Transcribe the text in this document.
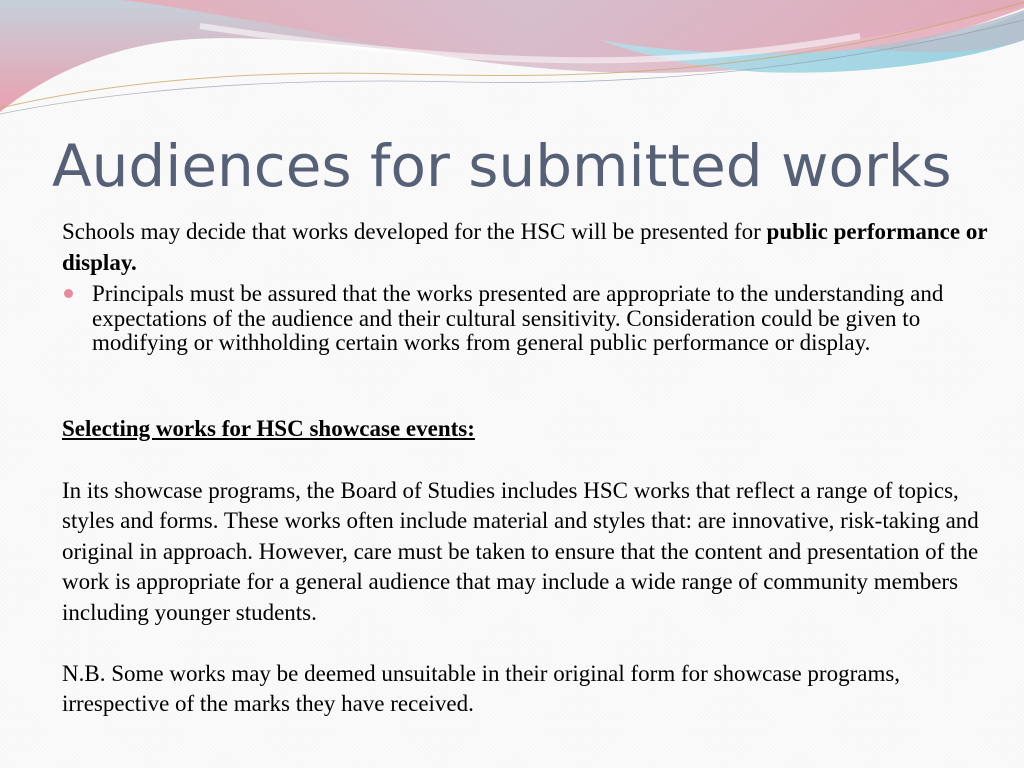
Audiences for submitted works

Schools may decide that works developed for the HSC will be presented for public performance or display.

Principals must be assured that the works presented are appropriate to the understanding and expectations of the audience and their cultural sensitivity. Consideration could be given to modifying or withholding certain works from general public performance or display.

Selecting works for HSC showcase events:

In its showcase programs, the Board of Studies includes HSC works that reflect a range of topics, styles and forms. These works often include material and styles that: are innovative, risk-taking and original in approach. However, care must be taken to ensure that the content and presentation of the work is appropriate for a general audience that may include a wide range of community members including younger students.

N.B. Some works may be deemed unsuitable in their original form for showcase programs, irrespective of the marks they have received.
